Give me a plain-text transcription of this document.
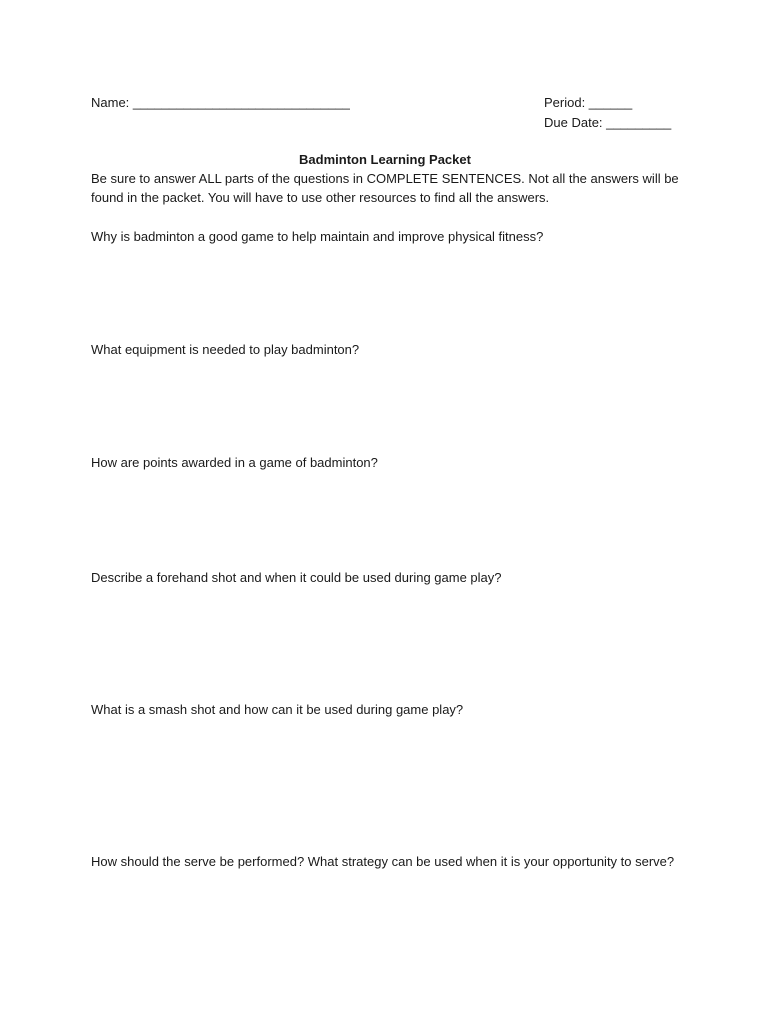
Name: ______________________________	Period: ______
Due Date: _________
Badminton Learning Packet
Be sure to answer ALL parts of the questions in COMPLETE SENTENCES. Not all the answers will be found in the packet. You will have to use other resources to find all the answers.
Why is badminton a good game to help maintain and improve physical fitness?
What equipment is needed to play badminton?
How are points awarded in a game of badminton?
Describe a forehand shot and when it could be used during game play?
What is a smash shot and how can it be used during game play?
How should the serve be performed? What strategy can be used when it is your opportunity to serve?
